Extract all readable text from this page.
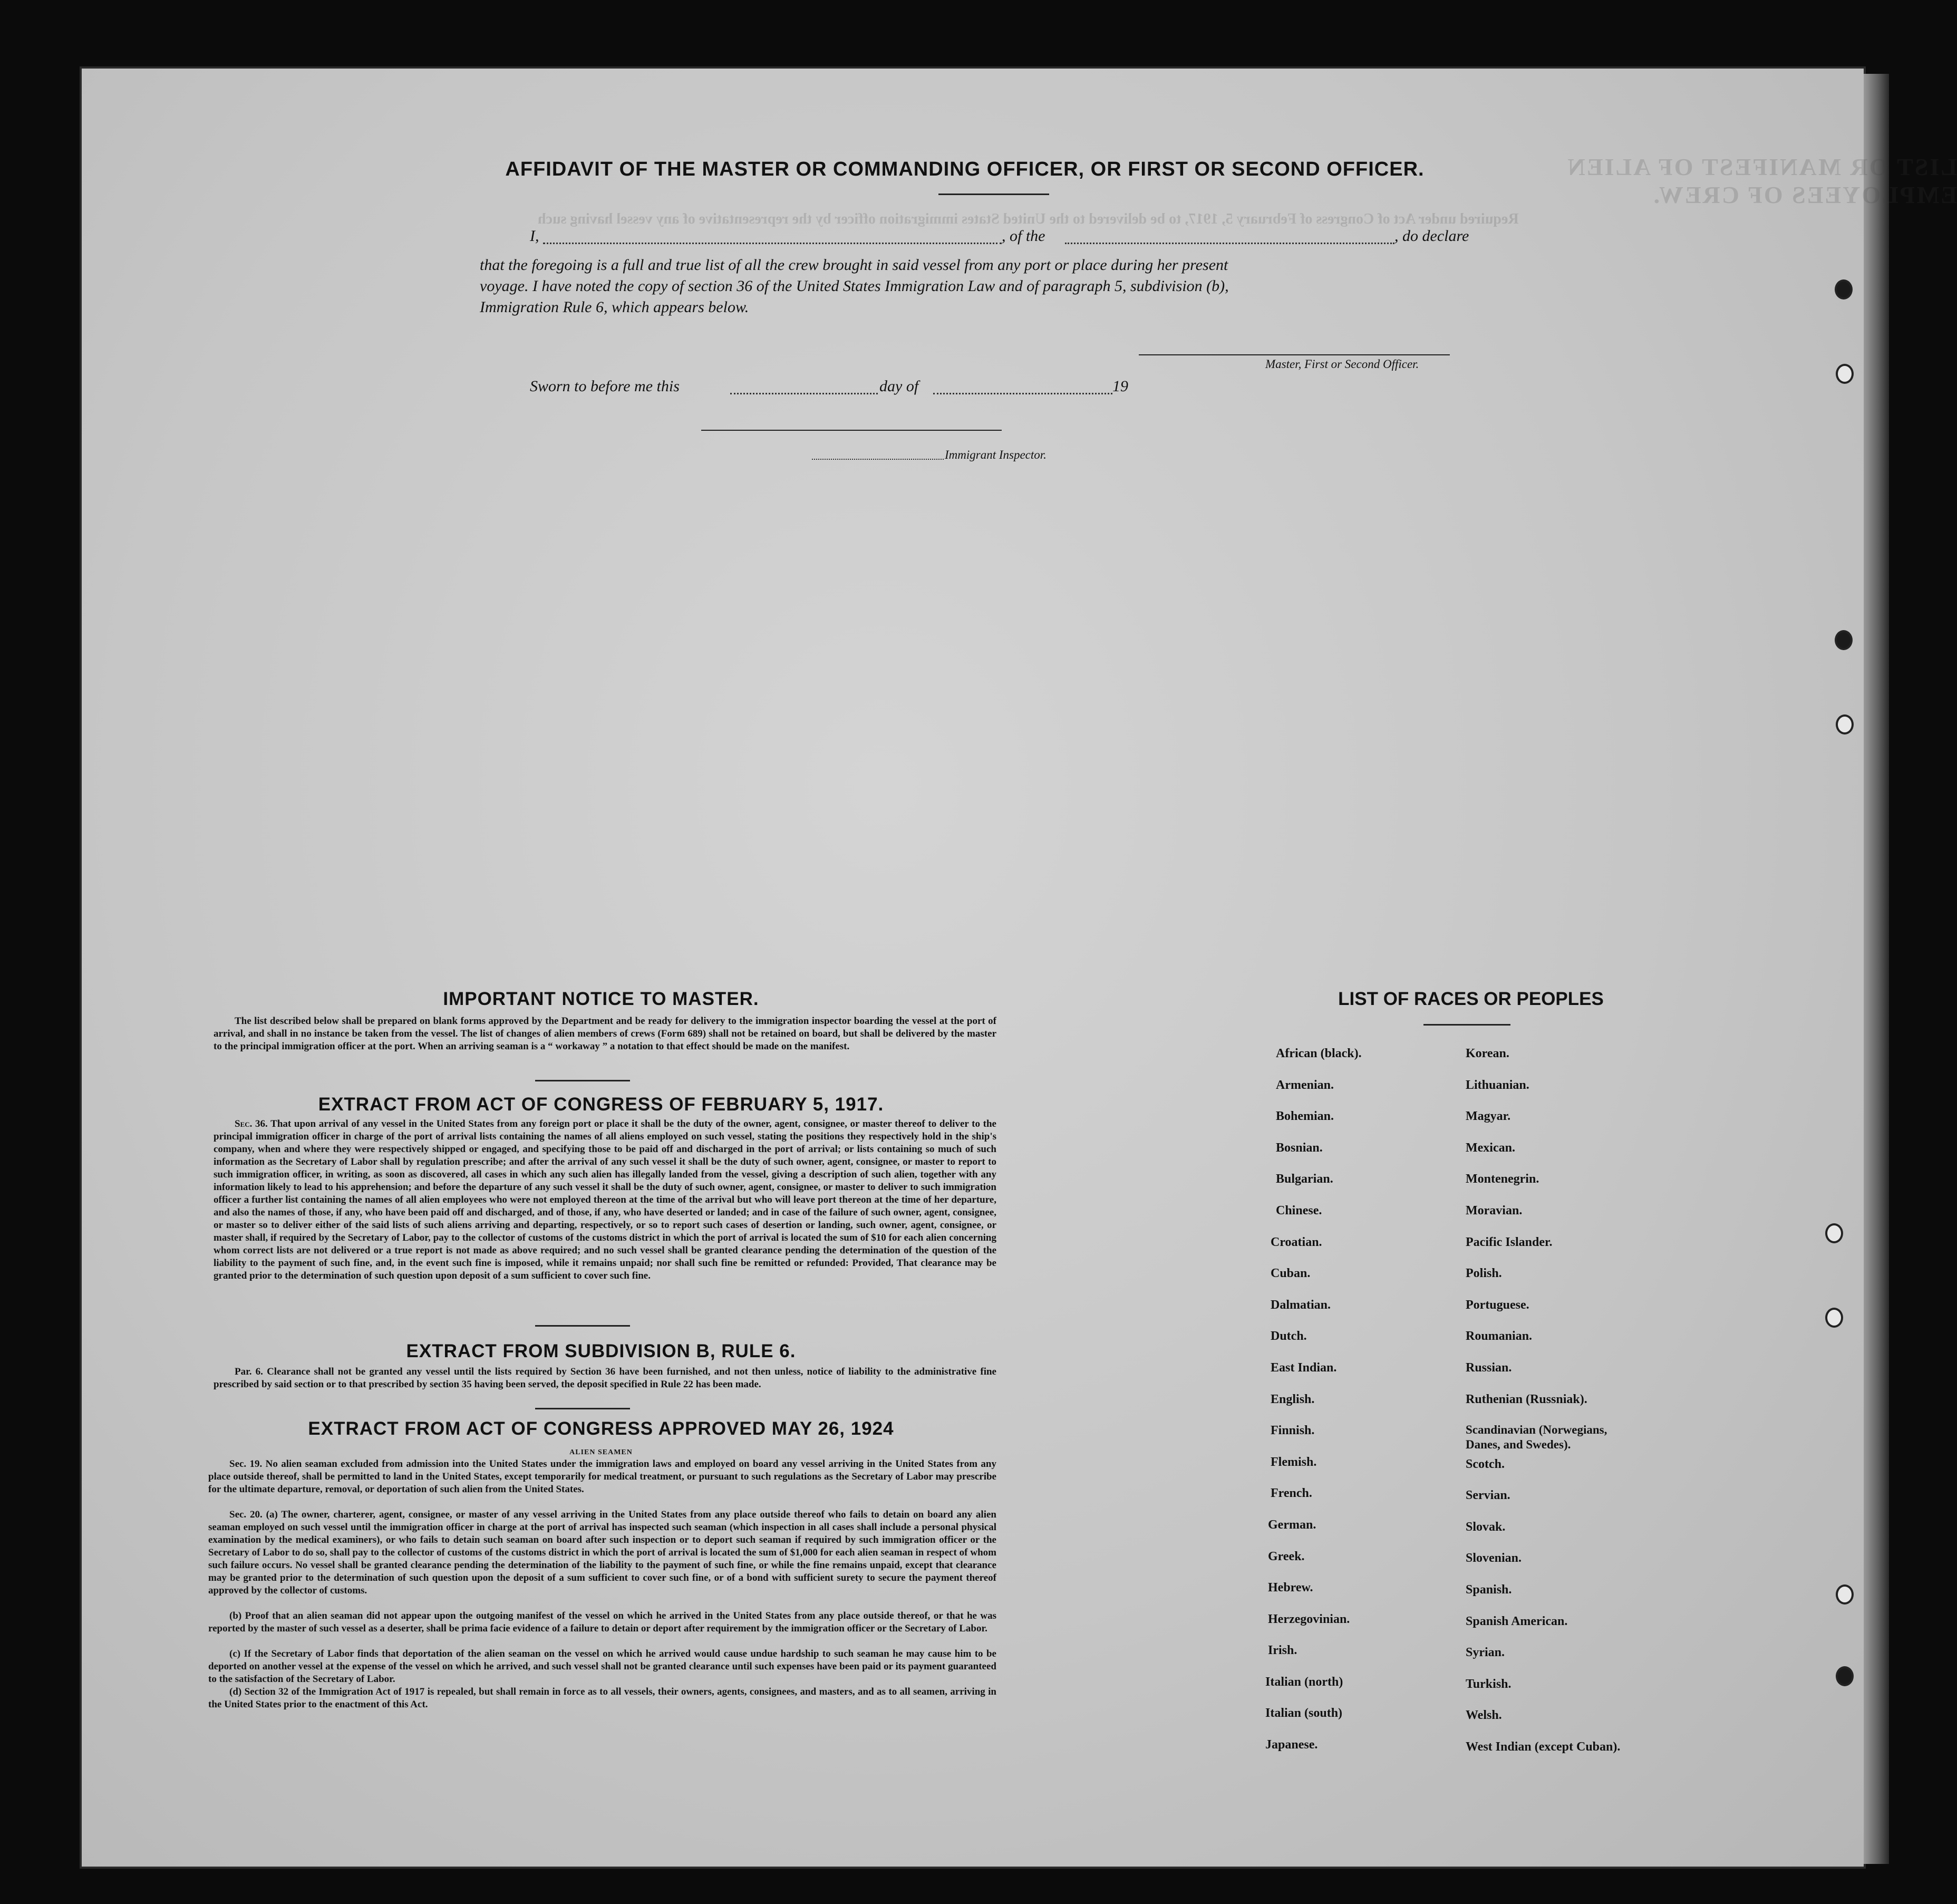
LIST OR MANIFEST OF ALIEN EMPLOYEES OF CREW.
Required under Act of Congress of February 5, 1917, to be delivered to the United States immigration officer by the representative of any vessel having such
AFFIDAVIT OF THE MASTER OR COMMANDING OFFICER, OR FIRST OR SECOND OFFICER.
I,	, of the	, do declare
that the foregoing is a full and true list of all the crew brought in said vessel from any port or place during her present
voyage. I have noted the copy of section 36 of the United States Immigration Law and of paragraph 5, subdivision (b),
Immigration Rule 6, which appears below.
Master, First or Second Officer.
Sworn to before me this	day of	19
Immigrant Inspector.
IMPORTANT NOTICE TO MASTER.
The list described below shall be prepared on blank forms approved by the Department and be ready for delivery to the immigration inspector boarding the vessel at the port of arrival, and shall in no instance be taken from the vessel. The list of changes of alien members of crews (Form 689) shall not be retained on board, but shall be delivered by the master to the principal immigration officer at the port. When an arriving seaman is a “ workaway ” a notation to that effect should be made on the manifest.
EXTRACT FROM ACT OF CONGRESS OF FEBRUARY 5, 1917.
Sec. 36. That upon arrival of any vessel in the United States from any foreign port or place it shall be the duty of the owner, agent, consignee, or master thereof to deliver to the principal immigration officer in charge of the port of arrival lists containing the names of all aliens employed on such vessel, stating the positions they respectively hold in the ship's company, when and where they were respectively shipped or engaged, and specifying those to be paid off and discharged in the port of arrival; or lists containing so much of such information as the Secretary of Labor shall by regulation prescribe; and after the arrival of any such vessel it shall be the duty of such owner, agent, consignee, or master to report to such immigration officer, in writing, as soon as discovered, all cases in which any such alien has illegally landed from the vessel, giving a description of such alien, together with any information likely to lead to his apprehension; and before the departure of any such vessel it shall be the duty of such owner, agent, consignee, or master to deliver to such immigration officer a further list containing the names of all alien employees who were not employed thereon at the time of the arrival but who will leave port thereon at the time of her departure, and also the names of those, if any, who have been paid off and discharged, and of those, if any, who have deserted or landed; and in case of the failure of such owner, agent, consignee, or master so to deliver either of the said lists of such aliens arriving and departing, respectively, or so to report such cases of desertion or landing, such owner, agent, consignee, or master shall, if required by the Secretary of Labor, pay to the collector of customs of the customs district in which the port of arrival is located the sum of $10 for each alien concerning whom correct lists are not delivered or a true report is not made as above required; and no such vessel shall be granted clearance pending the determination of the question of the liability to the payment of such fine, and, in the event such fine is imposed, while it remains unpaid; nor shall such fine be remitted or refunded: Provided, That clearance may be granted prior to the determination of such question upon deposit of a sum sufficient to cover such fine.
EXTRACT FROM SUBDIVISION B, RULE 6.
Par. 6. Clearance shall not be granted any vessel until the lists required by Section 36 have been furnished, and not then unless, notice of liability to the administrative fine prescribed by said section or to that prescribed by section 35 having been served, the deposit specified in Rule 22 has been made.
EXTRACT FROM ACT OF CONGRESS APPROVED MAY 26, 1924
ALIEN SEAMEN
Sec. 19. No alien seaman excluded from admission into the United States under the immigration laws and employed on board any vessel arriving in the United States from any place outside thereof, shall be permitted to land in the United States, except temporarily for medical treatment, or pursuant to such regulations as the Secretary of Labor may prescribe for the ultimate departure, removal, or deportation of such alien from the United States.
Sec. 20. (a) The owner, charterer, agent, consignee, or master of any vessel arriving in the United States from any place outside thereof who fails to detain on board any alien seaman employed on such vessel until the immigration officer in charge at the port of arrival has inspected such seaman (which inspection in all cases shall include a personal physical examination by the medical examiners), or who fails to detain such seaman on board after such inspection or to deport such seaman if required by such immigration officer or the Secretary of Labor to do so, shall pay to the collector of customs of the customs district in which the port of arrival is located the sum of $1,000 for each alien seaman in respect of whom such failure occurs. No vessel shall be granted clearance pending the determination of the liability to the payment of such fine, or while the fine remains unpaid, except that clearance may be granted prior to the determination of such question upon the deposit of a sum sufficient to cover such fine, or of a bond with sufficient surety to secure the payment thereof approved by the collector of customs.
(b) Proof that an alien seaman did not appear upon the outgoing manifest of the vessel on which he arrived in the United States from any place outside thereof, or that he was reported by the master of such vessel as a deserter, shall be prima facie evidence of a failure to detain or deport after requirement by the immigration officer or the Secretary of Labor.
(c) If the Secretary of Labor finds that deportation of the alien seaman on the vessel on which he arrived would cause undue hardship to such seaman he may cause him to be deported on another vessel at the expense of the vessel on which he arrived, and such vessel shall not be granted clearance until such expenses have been paid or its payment guaranteed to the satisfaction of the Secretary of Labor.
(d) Section 32 of the Immigration Act of 1917 is repealed, but shall remain in force as to all vessels, their owners, agents, consignees, and masters, and as to all seamen, arriving in the United States prior to the enactment of this Act.
LIST OF RACES OR PEOPLES
African (black).
Armenian.
Bohemian.
Bosnian.
Bulgarian.
Chinese.
Croatian.
Cuban.
Dalmatian.
Dutch.
East Indian.
English.
Finnish.
Flemish.
French.
German.
Greek.
Hebrew.
Herzegovinian.
Irish.
Italian (north)
Italian (south)
Japanese.
Korean.
Lithuanian.
Magyar.
Mexican.
Montenegrin.
Moravian.
Pacific Islander.
Polish.
Portuguese.
Roumanian.
Russian.
Ruthenian (Russniak).
Scandinavian (Norwegians,
Danes, and Swedes).
Scotch.
Servian.
Slovak.
Slovenian.
Spanish.
Spanish American.
Syrian.
Turkish.
Welsh.
West Indian (except Cuban).
